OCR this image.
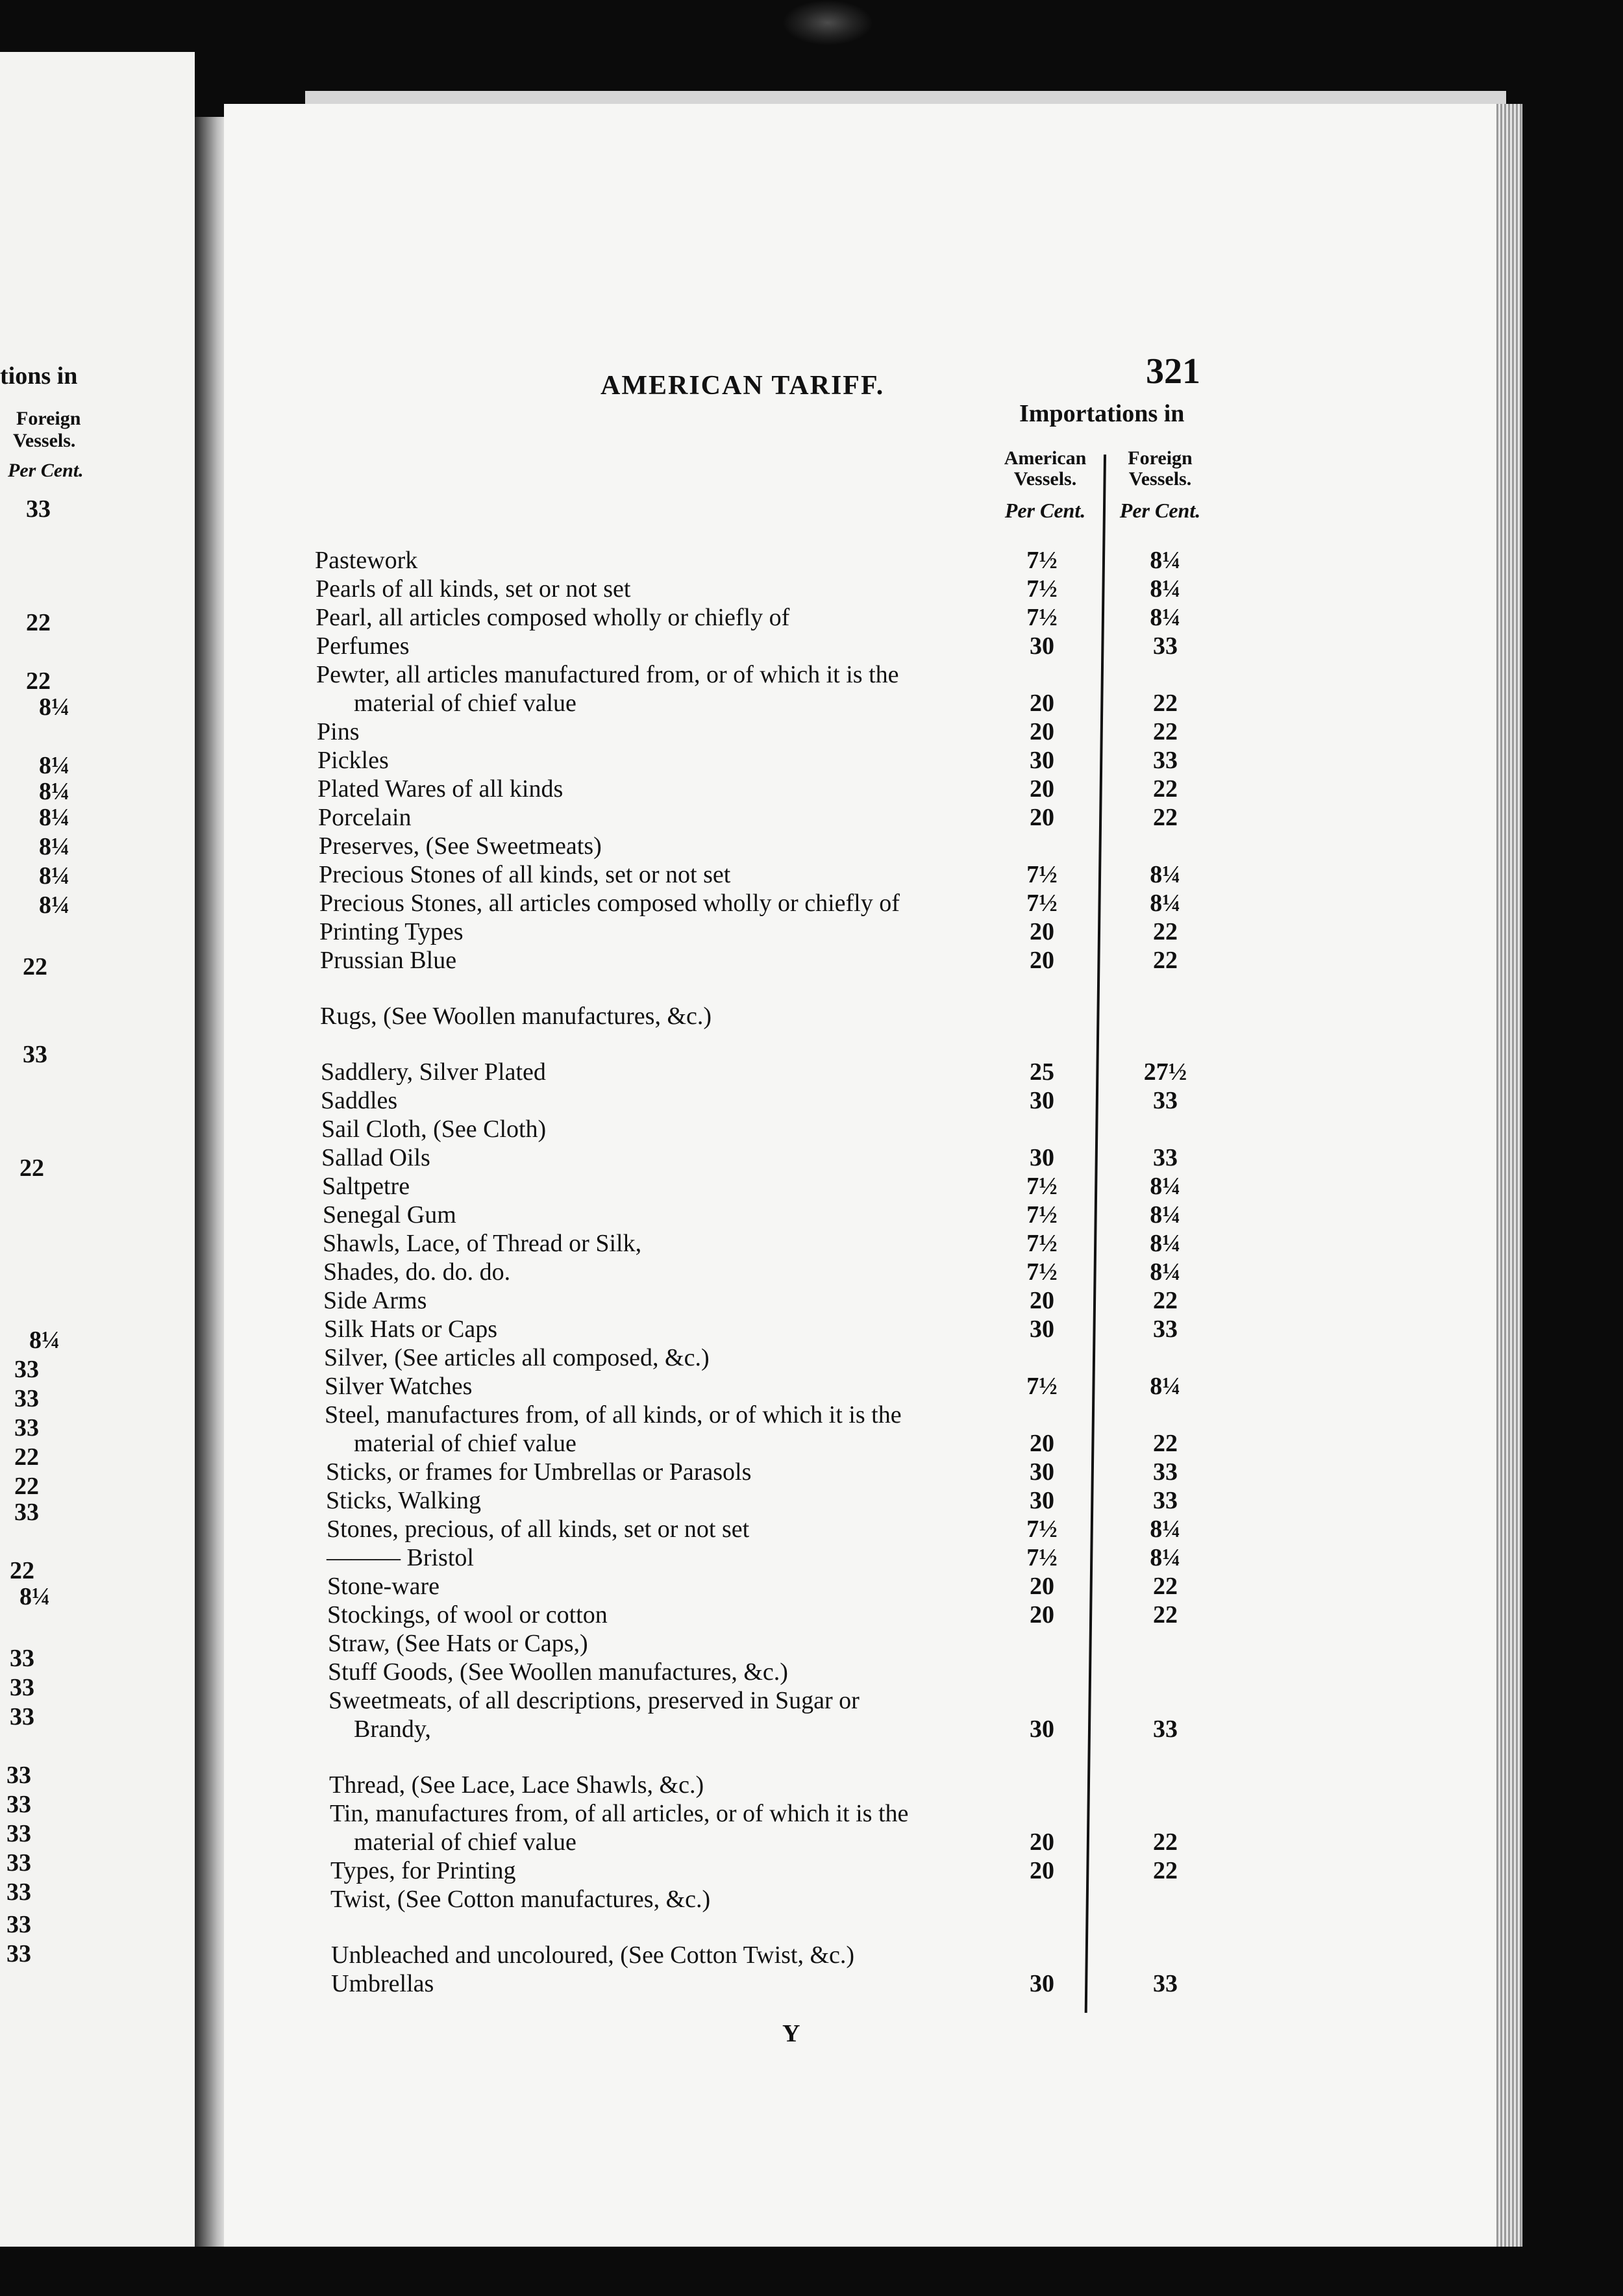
tions in
Foreign
Vessels.
Per Cent.
33
22
22
8¼
8¼
8¼
8¼
8¼
8¼
8¼
22
33
22
8¼
33
33
33
22
22
33
22
8¼
33
33
33
33
33
33
33
33
33
33
AMERICAN TARIFF.	321
Importations in
American
Vessels.
Foreign
Vessels.
Per Cent.	Per Cent.
Pastework	7½	8¼
Pearls of all kinds, set or not set	7½	8¼
Pearl, all articles composed wholly or chiefly of	7½	8¼
Perfumes	30	33
Pewter, all articles manufactured from, or of which it is the
material of chief value	20	22
Pins	20	22
Pickles	30	33
Plated Wares of all kinds	20	22
Porcelain	20	22
Preserves, (See Sweetmeats)
Precious Stones of all kinds, set or not set	7½	8¼
Precious Stones, all articles composed wholly or chiefly of	7½	8¼
Printing Types	20	22
Prussian Blue	20	22
Rugs, (See Woollen manufactures, &c.)
Saddlery, Silver Plated	25	27½
Saddles	30	33
Sail Cloth, (See Cloth)
Sallad Oils	30	33
Saltpetre	7½	8¼
Senegal Gum	7½	8¼
Shawls, Lace, of Thread or Silk,	7½	8¼
Shades, do. do. do.	7½	8¼
Side Arms	20	22
Silk Hats or Caps	30	33
Silver, (See articles all composed, &c.)
Silver Watches	7½	8¼
Steel, manufactures from, of all kinds, or of which it is the
material of chief value	20	22
Sticks, or frames for Umbrellas or Parasols	30	33
Sticks, Walking	30	33
Stones, precious, of all kinds, set or not set	7½	8¼
——— Bristol	7½	8¼
Stone-ware	20	22
Stockings, of wool or cotton	20	22
Straw, (See Hats or Caps,)
Stuff Goods, (See Woollen manufactures, &c.)
Sweetmeats, of all descriptions, preserved in Sugar or
Brandy,	30	33
Thread, (See Lace, Lace Shawls, &c.)
Tin, manufactures from, of all articles, or of which it is the
material of chief value	20	22
Types, for Printing	20	22
Twist, (See Cotton manufactures, &c.)
Unbleached and uncoloured, (See Cotton Twist, &c.)
Umbrellas	30	33
Y
